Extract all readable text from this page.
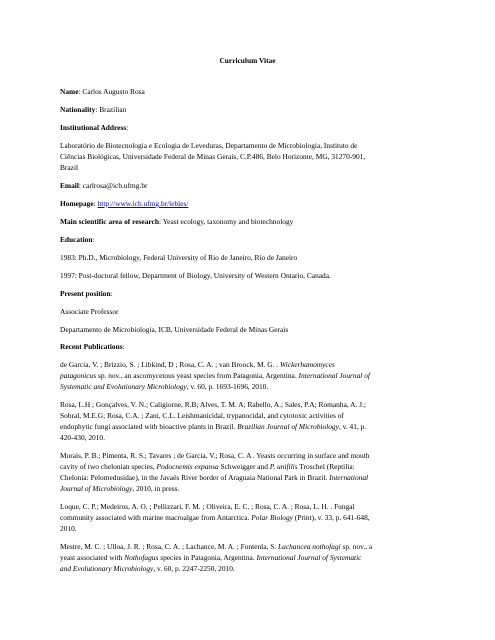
Curriculum Vitae
Name: Carlos Augusto Rosa
Nationality: Brazilian
Institutional Address:
Laboratório de Biotecnologia e Ecologia de Leveduras, Departamento de Microbiologia, Instituto de
Ciências Biológicas, Universidade Federal de Minas Gerais, C.P.486, Belo Horizonte, MG, 31270-901,
Brazil
Email: carlrosa@icb.ufmg.br
Homepage: http://www.icb.ufmg.br/lebles/
Main scientific area of research: Yeast ecology, taxonomy and biotechnology
Education:
1983: Ph.D., Microbiology, Federal University of Rio de Janeiro, Rio de Janeiro
1997: Post-doctoral fellow, Department of Biology, University of Western Ontario, Canada.
Present position:
Associate Professor
Departamento de Microbiologia, ICB, Universidade Federal de Minas Gerais
Recent Publications:
de Garcia, V. ; Brizzio, S. ; Libkind, D ; Rosa, C. A. ; van Broock, M. G. . Wickerhamomyces
patagonicus sp. nov., an ascomycetous yeast species from Patagonia, Argentina. International Journal of
Systematic and Evolutionary Microbiology, v. 60, p. 1693-1696, 2010.
Rosa, L.H ; Gonçalves, V. N.; Caligiorne, R.B; Alves, T. M. A; Rabello, A.; Sales, P.A; Romanha, A. J.;
Sobral, M.E.G; Rosa, C.A. ; Zani, C.L. Leishmanicidal, trypanocidal, and cytotoxic activities of
endophytic fungi associated with bioactive plants in Brazil. Brazilian Journal of Microbiology, v. 41, p.
420-430, 2010.
Morais, P. B.; Pimenta, R. S.; Tavares ; de Garcia, V.; Rosa, C. A . Yeasts occurring in surface and mouth
cavity of two chelonian species, Podocnemis expansa Schweigger and P. unifilis Troschel (Reptilia:
Chelonia: Pelomedusidae), in the Javaés River border of Araguaia National Park in Brazil. International
Journal of Microbiology, 2010, in press.
Loque, C. P.; Medeiros, A. O. ; Pellizzari, F. M. ; Oliveira, E. C. ; Rosa, C. A. ; Rosa, L. H. . Fungal
community associated with marine macroalgae from Antarctica. Polar Biology (Print), v. 33, p. 641-648,
2010.
Mestre, M. C. ; Ulloa, J. R. ; Rosa, C. A. ; Lachance, M. A. ; Fontenla, S. Lachancea nothofagi sp. nov., a
yeast associated with Nothofagus species in Patagonia, Argentina. International Journal of Systematic
and Evolutionary Microbiology, v. 60, p. 2247-2250, 2010.
